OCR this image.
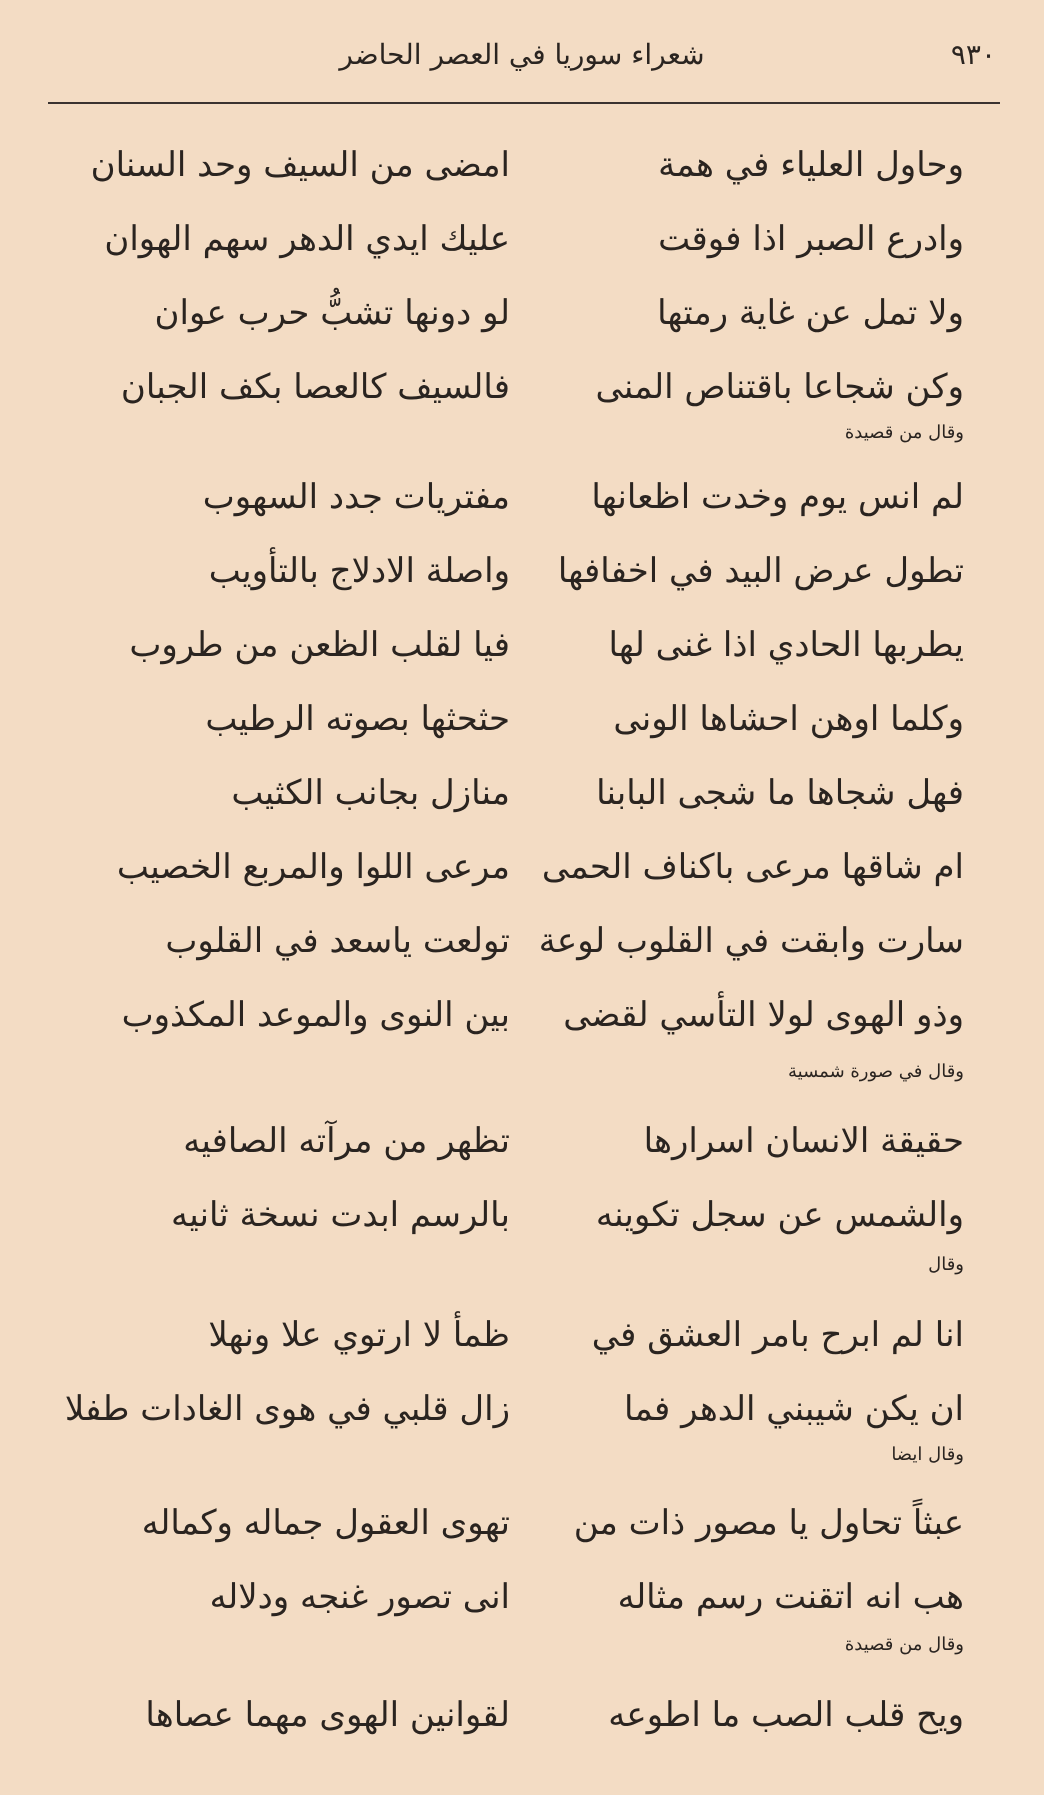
٩٣٠
شعراء سوريا في العصر الحاضر
وحاول العلياء في همة
امضى من السيف وحد السنان
وادرع الصبر اذا فوقت
عليك ايدي الدهر سهم الهوان
ولا تمل عن غاية رمتها
لو دونها تشبُّ حرب عوان
وكن شجاعا باقتناص المنى
فالسيف كالعصا بكف الجبان
وقال من قصيدة
لم انس يوم وخدت اظعانها
مفتريات جدد السهوب
تطول عرض البيد في اخفافها
واصلة الادلاج بالتأويب
يطربها الحادي اذا غنى لها
فيا لقلب الظعن من طروب
وكلما اوهن احشاها الونى
حثحثها بصوته الرطيب
فهل شجاها ما شجى البابنا
منازل بجانب الكثيب
ام شاقها مرعى باكناف الحمى
مرعى اللوا والمربع الخصيب
سارت وابقت في القلوب لوعة
تولعت ياسعد في القلوب
وذو الهوى لولا التأسي لقضى
بين النوى والموعد المكذوب
وقال في صورة شمسية
حقيقة الانسان اسرارها
تظهر من مرآته الصافيه
والشمس عن سجل تكوينه
بالرسم ابدت نسخة ثانيه
وقال
انا لم ابرح بامر العشق في
ظمأ لا ارتوي علا ونهلا
ان يكن شيبني الدهر فما
زال قلبي في هوى الغادات طفلا
وقال ايضا
عبثاً تحاول يا مصور ذات من
تهوى العقول جماله وكماله
هب انه اتقنت رسم مثاله
انى تصور غنجه ودلاله
وقال من قصيدة
ويح قلب الصب ما اطوعه
لقوانين الهوى مهما عصاها
